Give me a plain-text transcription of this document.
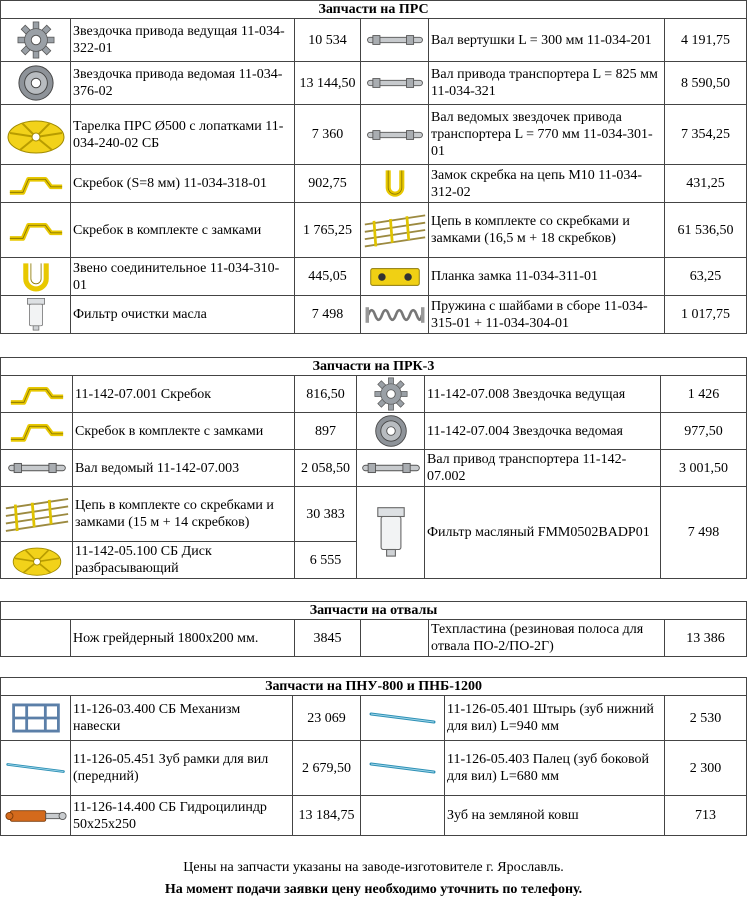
Запчасти на ПРС					

	Звездочка привода ведущая 11-034-322-01	10 534		Вал вертушки L = 300 мм 11-034-201	4 191,75

	Звездочка привода ведомая 11-034-376-02	13 144,50		Вал привода транспортера L = 825 мм 11-034-321	8 590,50

	Тарелка ПРС Ø500 с лопатками 11-034-240-02 СБ	7 360		Вал ведомых звездочек привода транспортера L = 770 мм 11-034-301-01	7 354,25

	Скребок (S=8 мм) 11-034-318-01	902,75		Замок скребка на цепь М10 11-034-312-02	431,25

	Скребок в комплекте с замками	1 765,25		Цепь в комплекте со скребками и замками (16,5 м + 18 скребков)	61 536,50

	Звено соединительное 11-034-310-01	445,05		Планка замка 11-034-311-01	63,25

	Фильтр очистки масла	7 498		Пружина с шайбами в сборе 11-034-315-01 + 11-034-304-01	1 017,75
Запчасти на ПРК-3					

	11-142-07.001 Скребок	816,50		11-142-07.008 Звездочка ведущая	1 426

	Скребок в комплекте с замками	897		11-142-07.004 Звездочка ведомая	977,50

	Вал ведомый 11-142-07.003	2 058,50		Вал привод транспортера 11-142-07.002	3 001,50

	Цепь в комплекте со скребками и замками (15 м + 14 скребков)	30 383		Фильтр масляный FMM0502BADP01	7 498

	11-142-05.100 СБ Диск разбрасывающий	6 555			
Запчасти на отвалы
	Нож грейдерный 1800х200 мм.	3845		Техпластина (резиновая полоса для отвала ПО-2/ПО-2Г)	13 386
Запчасти на ПНУ-800 и ПНБ-1200					

	11-126-03.400 СБ Механизм навески	23 069		11-126-05.401 Штырь (зуб нижний для вил) L=940 мм	2 530

	11-126-05.451 Зуб рамки для вил (передний)	2 679,50		11-126-05.403 Палец (зуб боковой для вил) L=680 мм	2 300

	11-126-14.400 СБ Гидроцилиндр 50х25х250	13 184,75		Зуб на земляной ковш	713
Цены на запчасти указаны на заводе-изготовителе г. Ярославль.
На момент подачи заявки цену необходимо уточнить по телефону.
